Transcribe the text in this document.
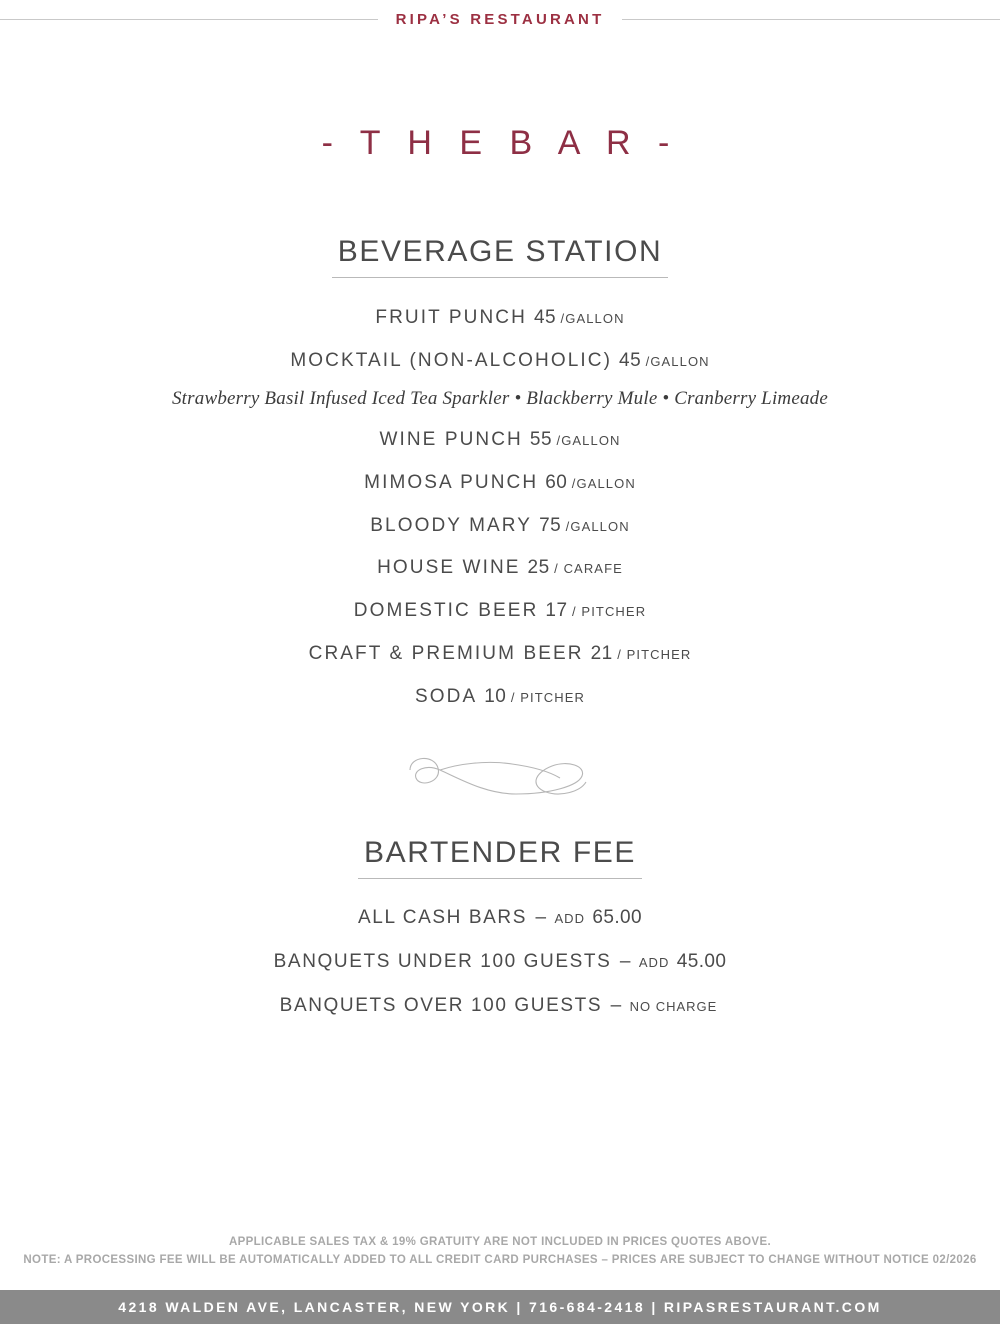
RIPA’S RESTAURANT
- T H E B A R -
BEVERAGE STATION
FRUIT PUNCH 45 /GALLON
MOCKTAIL (NON-ALCOHOLIC) 45 /GALLON
Strawberry Basil Infused Iced Tea Sparkler • Blackberry Mule • Cranberry Limeade
WINE PUNCH 55 /GALLON
MIMOSA PUNCH 60 /GALLON
BLOODY MARY 75 /GALLON
HOUSE WINE 25 / CARAFE
DOMESTIC BEER 17 / PITCHER
CRAFT & PREMIUM BEER 21 / PITCHER
SODA 10 / PITCHER
BARTENDER FEE
ALL CASH BARS – ADD 65.00
BANQUETS UNDER 100 GUESTS – ADD 45.00
BANQUETS OVER 100 GUESTS – NO CHARGE
APPLICABLE SALES TAX & 19% GRATUITY ARE NOT INCLUDED IN PRICES QUOTES ABOVE.
NOTE: A PROCESSING FEE WILL BE AUTOMATICALLY ADDED TO ALL CREDIT CARD PURCHASES – PRICES ARE SUBJECT TO CHANGE WITHOUT NOTICE 02/2026
4218 WALDEN AVE, LANCASTER, NEW YORK | 716-684-2418 | RIPASRESTAURANT.COM
